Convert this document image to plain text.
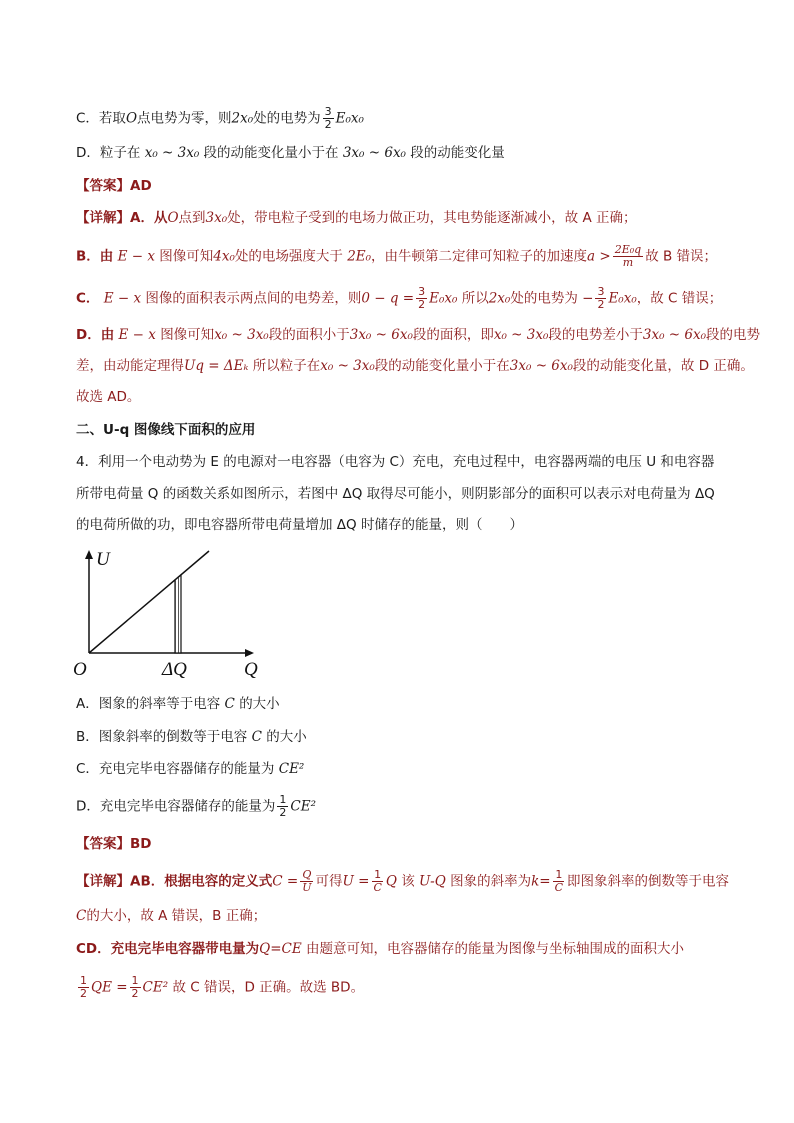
C．若取O点电势为零，则2x₀处的电势为 $\frac{3}{2} E_0x_0$
D．粒子在 x₀ ~ 3x₀ 段的动能变化量小于在 3x₀ ~ 6x₀ 段的动能变化量
【答案】AD
【详解】A．从O点到3x₀处，带电粒子受到的电场力做正功，其电势能逐渐减小，故 A 正确；
B．由 E − x 图像可知4x₀处的电场强度大于 2E₀，由牛顿第二定律可知粒子的加速度$a > \frac{\text{2E₀q}}{m}$ 故 B 错误；
C． E − x 图像的面积表示两点间的电势差，则$0 - q = \frac{3}{2} E_0x_0$ 所以2x₀处的电势为 − $\frac{3}{2} E_0x_0$，故 C 错误；
D．由 E − x 图像可知x₀ ~ 3x₀段的面积小于3x₀ ~ 6x₀段的面积，即x₀ ~ 3x₀段的电势差小于3x₀ ~ 6x₀段的电势
差，由动能定理得Uq = ΔEₖ 所以粒子在x₀ ~ 3x₀段的动能变化量小于在3x₀ ~ 6x₀段的动能变化量，故 D 正确。
故选 AD。
二、U-q 图像线下面积的应用
4．利用一个电动势为 E 的电源对一电容器（电容为 C）充电，充电过程中，电容器两端的电压 U 和电容器
所带电荷量 Q 的函数关系如图所示，若图中 ΔQ 取得尽可能小，则阴影部分的面积可以表示对电荷量为 ΔQ
的电荷所做的功，即电容器所带电荷量增加 ΔQ 时储存的能量，则（　　）
U
O	ΔQ	Q
A．图象的斜率等于电容 C 的大小
B．图象斜率的倒数等于电容 C 的大小
C．充电完毕电容器储存的能量为 CE²
D．充电完毕电容器储存的能量为 $\frac{1}{2} CE^2$
【答案】BD
【详解】AB．根据电容的定义式$C = \frac{Q}{U}$ 可得$U = \frac{1}{C}$ Q 该 U-Q 图象的斜率为$k= \frac{1}{C}$ 即图象斜率的倒数等于电容
C的大小，故 A 错误，B 正确；
CD．充电完毕电容器带电量为Q=CE 由题意可知，电容器储存的能量为图像与坐标轴围成的面积大小
$\frac{1}{2}$ QE = $\frac{1}{2} CE^2$ 故 C 错误，D 正确。故选 BD。
